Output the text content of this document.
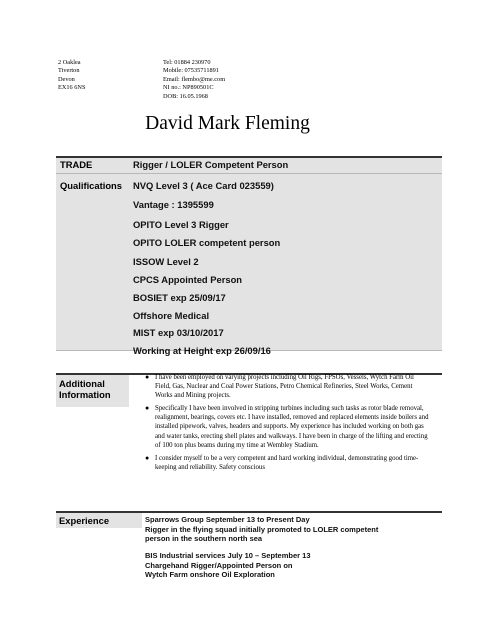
2 Oaklea
Tiverton
Devon
EX16 6NS
Tel: 01884 230970
Mobile: 07535711891
Email: flembo@me.com
NI no.: NP890501C
DOB: 16.05.1968
David Mark Fleming
TRADE	Rigger / LOLER Competent Person
Qualifications NVQ Level 3 ( Ace Card 023559)
Vantage : 1395599
OPITO Level 3 Rigger
OPITO LOLER competent person
ISSOW Level 2
CPCS Appointed Person
BOSIET exp 25/09/17
Offshore Medical
MIST exp 03/10/2017
Working at Height exp 26/09/16
Additional Information
● I have been employed on varying projects including Oil Rigs, FPSOs, Vessels, Wytch Farm Oil Field, Gas, Nuclear and Coal Power Stations, Petro Chemical Refineries, Steel Works, Cement Works and Mining projects.
● Specifically I have been involved in stripping turbines including such tasks as rotor blade removal, realignment, bearings, covers etc. I have installed, removed and replaced elements inside boilers and installed pipework, valves, headers and supports. My experience has included working on both gas and water tanks, erecting shell plates and walkways. I have been in charge of the lifting and erecting of 100 ton plus beams during my time at Wembley Stadium.
● I consider myself to be a very competent and hard working individual, demonstrating good time-keeping and reliability. Safety conscious
Experience	Sparrows Group September 13 to Present Day
Rigger in the flying squad initially promoted to LOLER competent
person in the southern north sea
BIS Industrial services July 10 – September 13
Chargehand Rigger/Appointed Person on
Wytch Farm onshore Oil Exploration
